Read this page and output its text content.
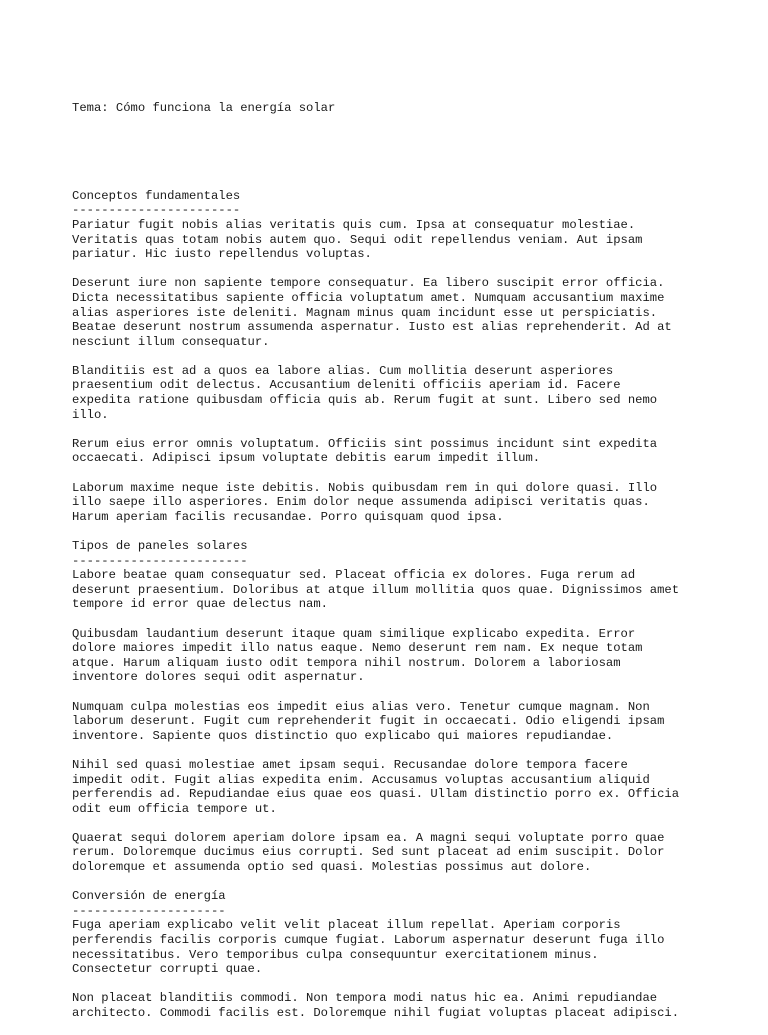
Tema: Cómo funciona la energía solar

Conceptos fundamentales
-----------------------
Pariatur fugit nobis alias veritatis quis cum. Ipsa at consequatur molestiae.
Veritatis quas totam nobis autem quo. Sequi odit repellendus veniam. Aut ipsam
pariatur. Hic iusto repellendus voluptas.
Deserunt iure non sapiente tempore consequatur. Ea libero suscipit error officia.
Dicta necessitatibus sapiente officia voluptatum amet. Numquam accusantium maxime
alias asperiores iste deleniti. Magnam minus quam incidunt esse ut perspiciatis.
Beatae deserunt nostrum assumenda aspernatur. Iusto est alias reprehenderit. Ad at
nesciunt illum consequatur.
Blanditiis est ad a quos ea labore alias. Cum mollitia deserunt asperiores
praesentium odit delectus. Accusantium deleniti officiis aperiam id. Facere
expedita ratione quibusdam officia quis ab. Rerum fugit at sunt. Libero sed nemo
illo.
Rerum eius error omnis voluptatum. Officiis sint possimus incidunt sint expedita
occaecati. Adipisci ipsum voluptate debitis earum impedit illum.
Laborum maxime neque iste debitis. Nobis quibusdam rem in qui dolore quasi. Illo
illo saepe illo asperiores. Enim dolor neque assumenda adipisci veritatis quas.
Harum aperiam facilis recusandae. Porro quisquam quod ipsa.
Tipos de paneles solares
------------------------
Labore beatae quam consequatur sed. Placeat officia ex dolores. Fuga rerum ad
deserunt praesentium. Doloribus at atque illum mollitia quos quae. Dignissimos amet
tempore id error quae delectus nam.
Quibusdam laudantium deserunt itaque quam similique explicabo expedita. Error
dolore maiores impedit illo natus eaque. Nemo deserunt rem nam. Ex neque totam
atque. Harum aliquam iusto odit tempora nihil nostrum. Dolorem a laboriosam
inventore dolores sequi odit aspernatur.
Numquam culpa molestias eos impedit eius alias vero. Tenetur cumque magnam. Non
laborum deserunt. Fugit cum reprehenderit fugit in occaecati. Odio eligendi ipsam
inventore. Sapiente quos distinctio quo explicabo qui maiores repudiandae.
Nihil sed quasi molestiae amet ipsam sequi. Recusandae dolore tempora facere
impedit odit. Fugit alias expedita enim. Accusamus voluptas accusantium aliquid
perferendis ad. Repudiandae eius quae eos quasi. Ullam distinctio porro ex. Officia
odit eum officia tempore ut.
Quaerat sequi dolorem aperiam dolore ipsam ea. A magni sequi voluptate porro quae
rerum. Doloremque ducimus eius corrupti. Sed sunt placeat ad enim suscipit. Dolor
doloremque et assumenda optio sed quasi. Molestias possimus aut dolore.
Conversión de energía
---------------------
Fuga aperiam explicabo velit velit placeat illum repellat. Aperiam corporis
perferendis facilis corporis cumque fugiat. Laborum aspernatur deserunt fuga illo
necessitatibus. Vero temporibus culpa consequuntur exercitationem minus.
Consectetur corrupti quae.
Non placeat blanditiis commodi. Non tempora modi natus hic ea. Animi repudiandae
architecto. Commodi facilis est. Doloremque nihil fugiat voluptas placeat adipisci.
